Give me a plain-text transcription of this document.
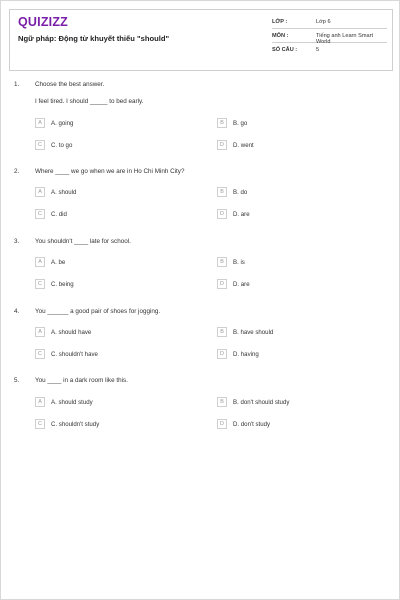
QUIZIZZ
Ngữ pháp: Động từ khuyết thiếu "should"
LỚP :	Lớp 6
MÔN :	Tiếng anh Learn Smart World
SỐ CÂU :	5
1. Choose the best answer.
I feel tired. I should _____ to bed early.
A	A. going	B	B. go
C	C. to go	D	D. went
2. Where ____ we go when we are in Ho Chi Minh City?
A	A. should	B	B. do
C	C. did	D	D. are
3. You shouldn't ____ late for school.
A	A. be	B	B. is
C	C. being	D	D. are
4. You ______ a good pair of shoes for jogging.
A	A. should have	B	B. have should
C	C. shouldn't have	D	D. having
5. You ____ in a dark room like this.
A	A. should study	B	B. don't should study
C	C. shouldn't study	D	D. don't study
